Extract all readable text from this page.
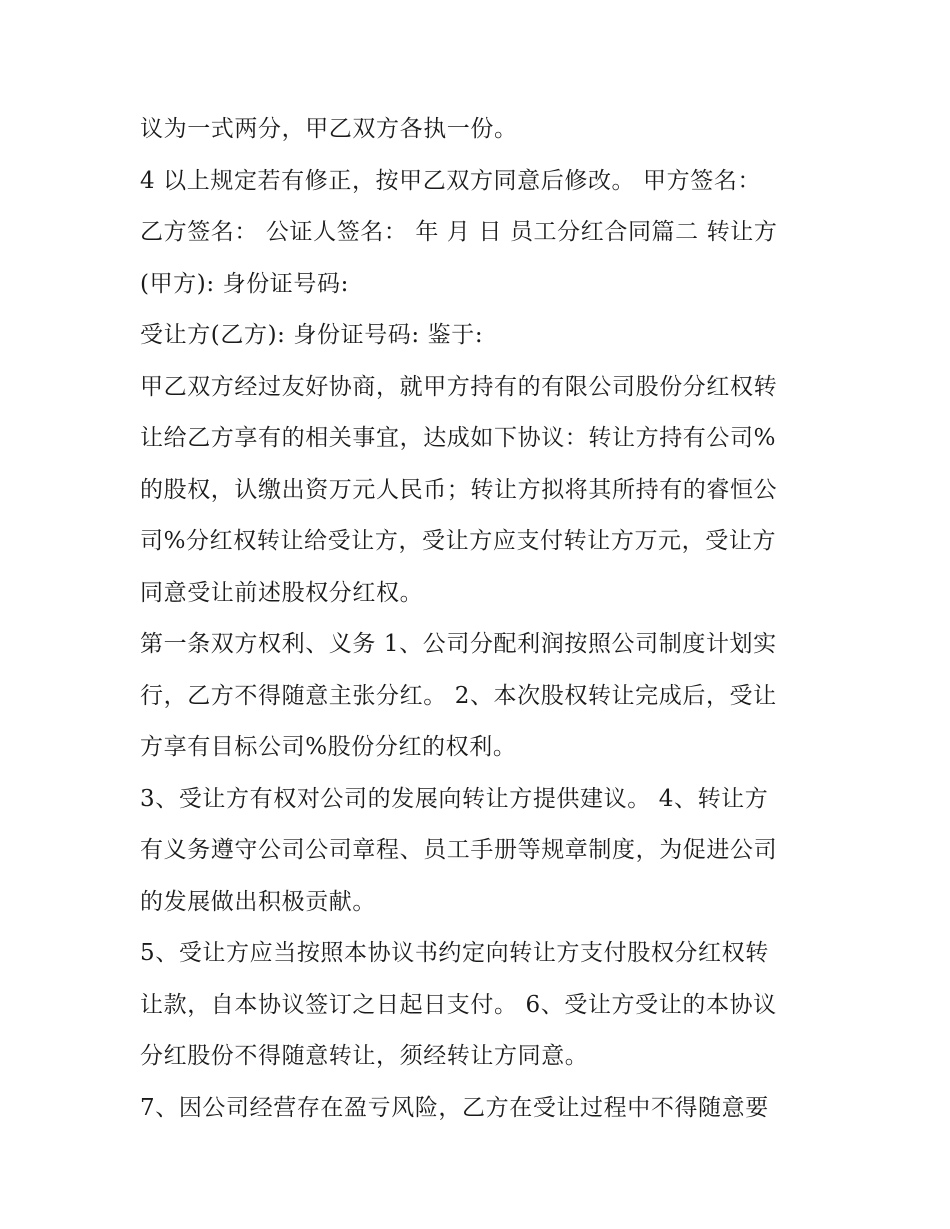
议为一式两分，甲乙双方各执一份。
4 以上规定若有修正，按甲乙双方同意后修改。 甲方签名：
乙方签名： 公证人签名： 年 月 日 员工分红合同篇二 转让方
(甲方): 身份证号码:
受让方(乙方): 身份证号码: 鉴于:
甲乙双方经过友好协商，就甲方持有的有限公司股份分红权转
让给乙方享有的相关事宜，达成如下协议：转让方持有公司%
的股权，认缴出资万元人民币；转让方拟将其所持有的睿恒公
司%分红权转让给受让方，受让方应支付转让方万元，受让方
同意受让前述股权分红权。
第一条双方权利、义务 1、公司分配利润按照公司制度计划实
行，乙方不得随意主张分红。 2、本次股权转让完成后，受让
方享有目标公司%股份分红的权利。
3、受让方有权对公司的发展向转让方提供建议。 4、转让方
有义务遵守公司公司章程、员工手册等规章制度，为促进公司
的发展做出积极贡献。
5、受让方应当按照本协议书约定向转让方支付股权分红权转
让款，自本协议签订之日起日支付。 6、受让方受让的本协议
分红股份不得随意转让，须经转让方同意。
7、因公司经营存在盈亏风险，乙方在受让过程中不得随意要
